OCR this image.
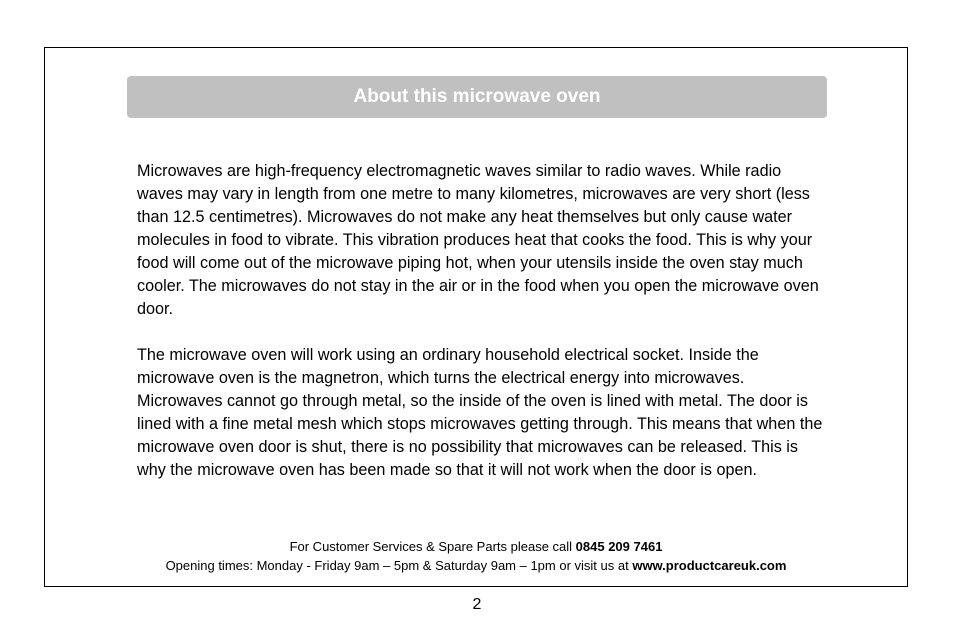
About this microwave oven

Microwaves are high-frequency electromagnetic waves similar to radio waves. While radio waves may vary in length from one metre to many kilometres, microwaves are very short (less than 12.5 centimetres). Microwaves do not make any heat themselves but only cause water molecules in food to vibrate. This vibration produces heat that cooks the food. This is why your food will come out of the microwave piping hot, when your utensils inside the oven stay much cooler. The microwaves do not stay in the air or in the food when you open the microwave oven door.

The microwave oven will work using an ordinary household electrical socket. Inside the microwave oven is the magnetron, which turns the electrical energy into microwaves. Microwaves cannot go through metal, so the inside of the oven is lined with metal. The door is lined with a fine metal mesh which stops microwaves getting through. This means that when the microwave oven door is shut, there is no possibility that microwaves can be released. This is why the microwave oven has been made so that it will not work when the door is open.

For Customer Services & Spare Parts please call 0845 209 7461
Opening times: Monday - Friday 9am – 5pm & Saturday 9am – 1pm or visit us at www.productcareuk.com
2
